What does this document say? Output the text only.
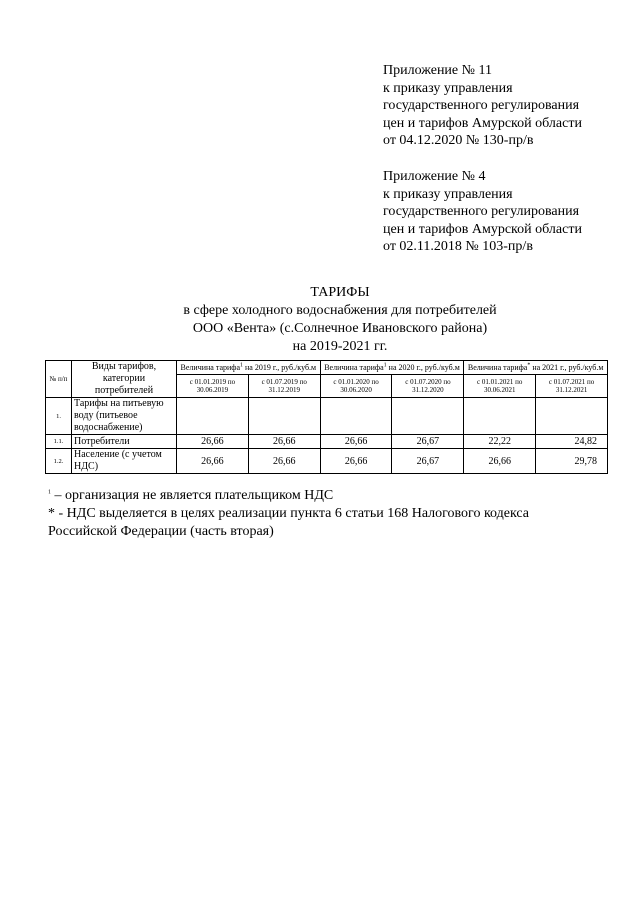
Приложение № 11
к приказу управления
государственного регулирования
цен и тарифов Амурской области
от 04.12.2020 № 130-пр/в
Приложение № 4
к приказу управления
государственного регулирования
цен и тарифов Амурской области
от 02.11.2018 № 103-пр/в
ТАРИФЫ
в сфере холодного водоснабжения для потребителей
ООО «Вента» (с.Солнечное Ивановского района)
на 2019-2021 гг.
№ п/п	Виды тарифов, категории потребителей	Величина тарифа$^1$ на 2019 г., руб./куб.м		Величина тарифа$^1$ на 2020 г., руб./куб.м		Величина тарифа* на 2021 г., руб./куб.м	
		с 01.01.2019 по 30.06.2019	с 01.07.2019 по 31.12.2019	с 01.01.2020 по 30.06.2020	с 01.07.2020 по 31.12.2020	с 01.01.2021 по 30.06.2021	с 01.07.2021 по 31.12.2021
1.	Тарифы на питьевую воду (питьевое водоснабжение)						
1.1.	Потребители	26,66	26,66	26,66	26,67	22,22	24,82
1.2.	Население (с учетом НДС)	26,66	26,66	26,66	26,67	26,66	29,78
$^1$ – организация не является плательщиком НДС
* - НДС выделяется в целях реализации пункта 6 статьи 168 Налогового кодекса
Российской Федерации (часть вторая)
